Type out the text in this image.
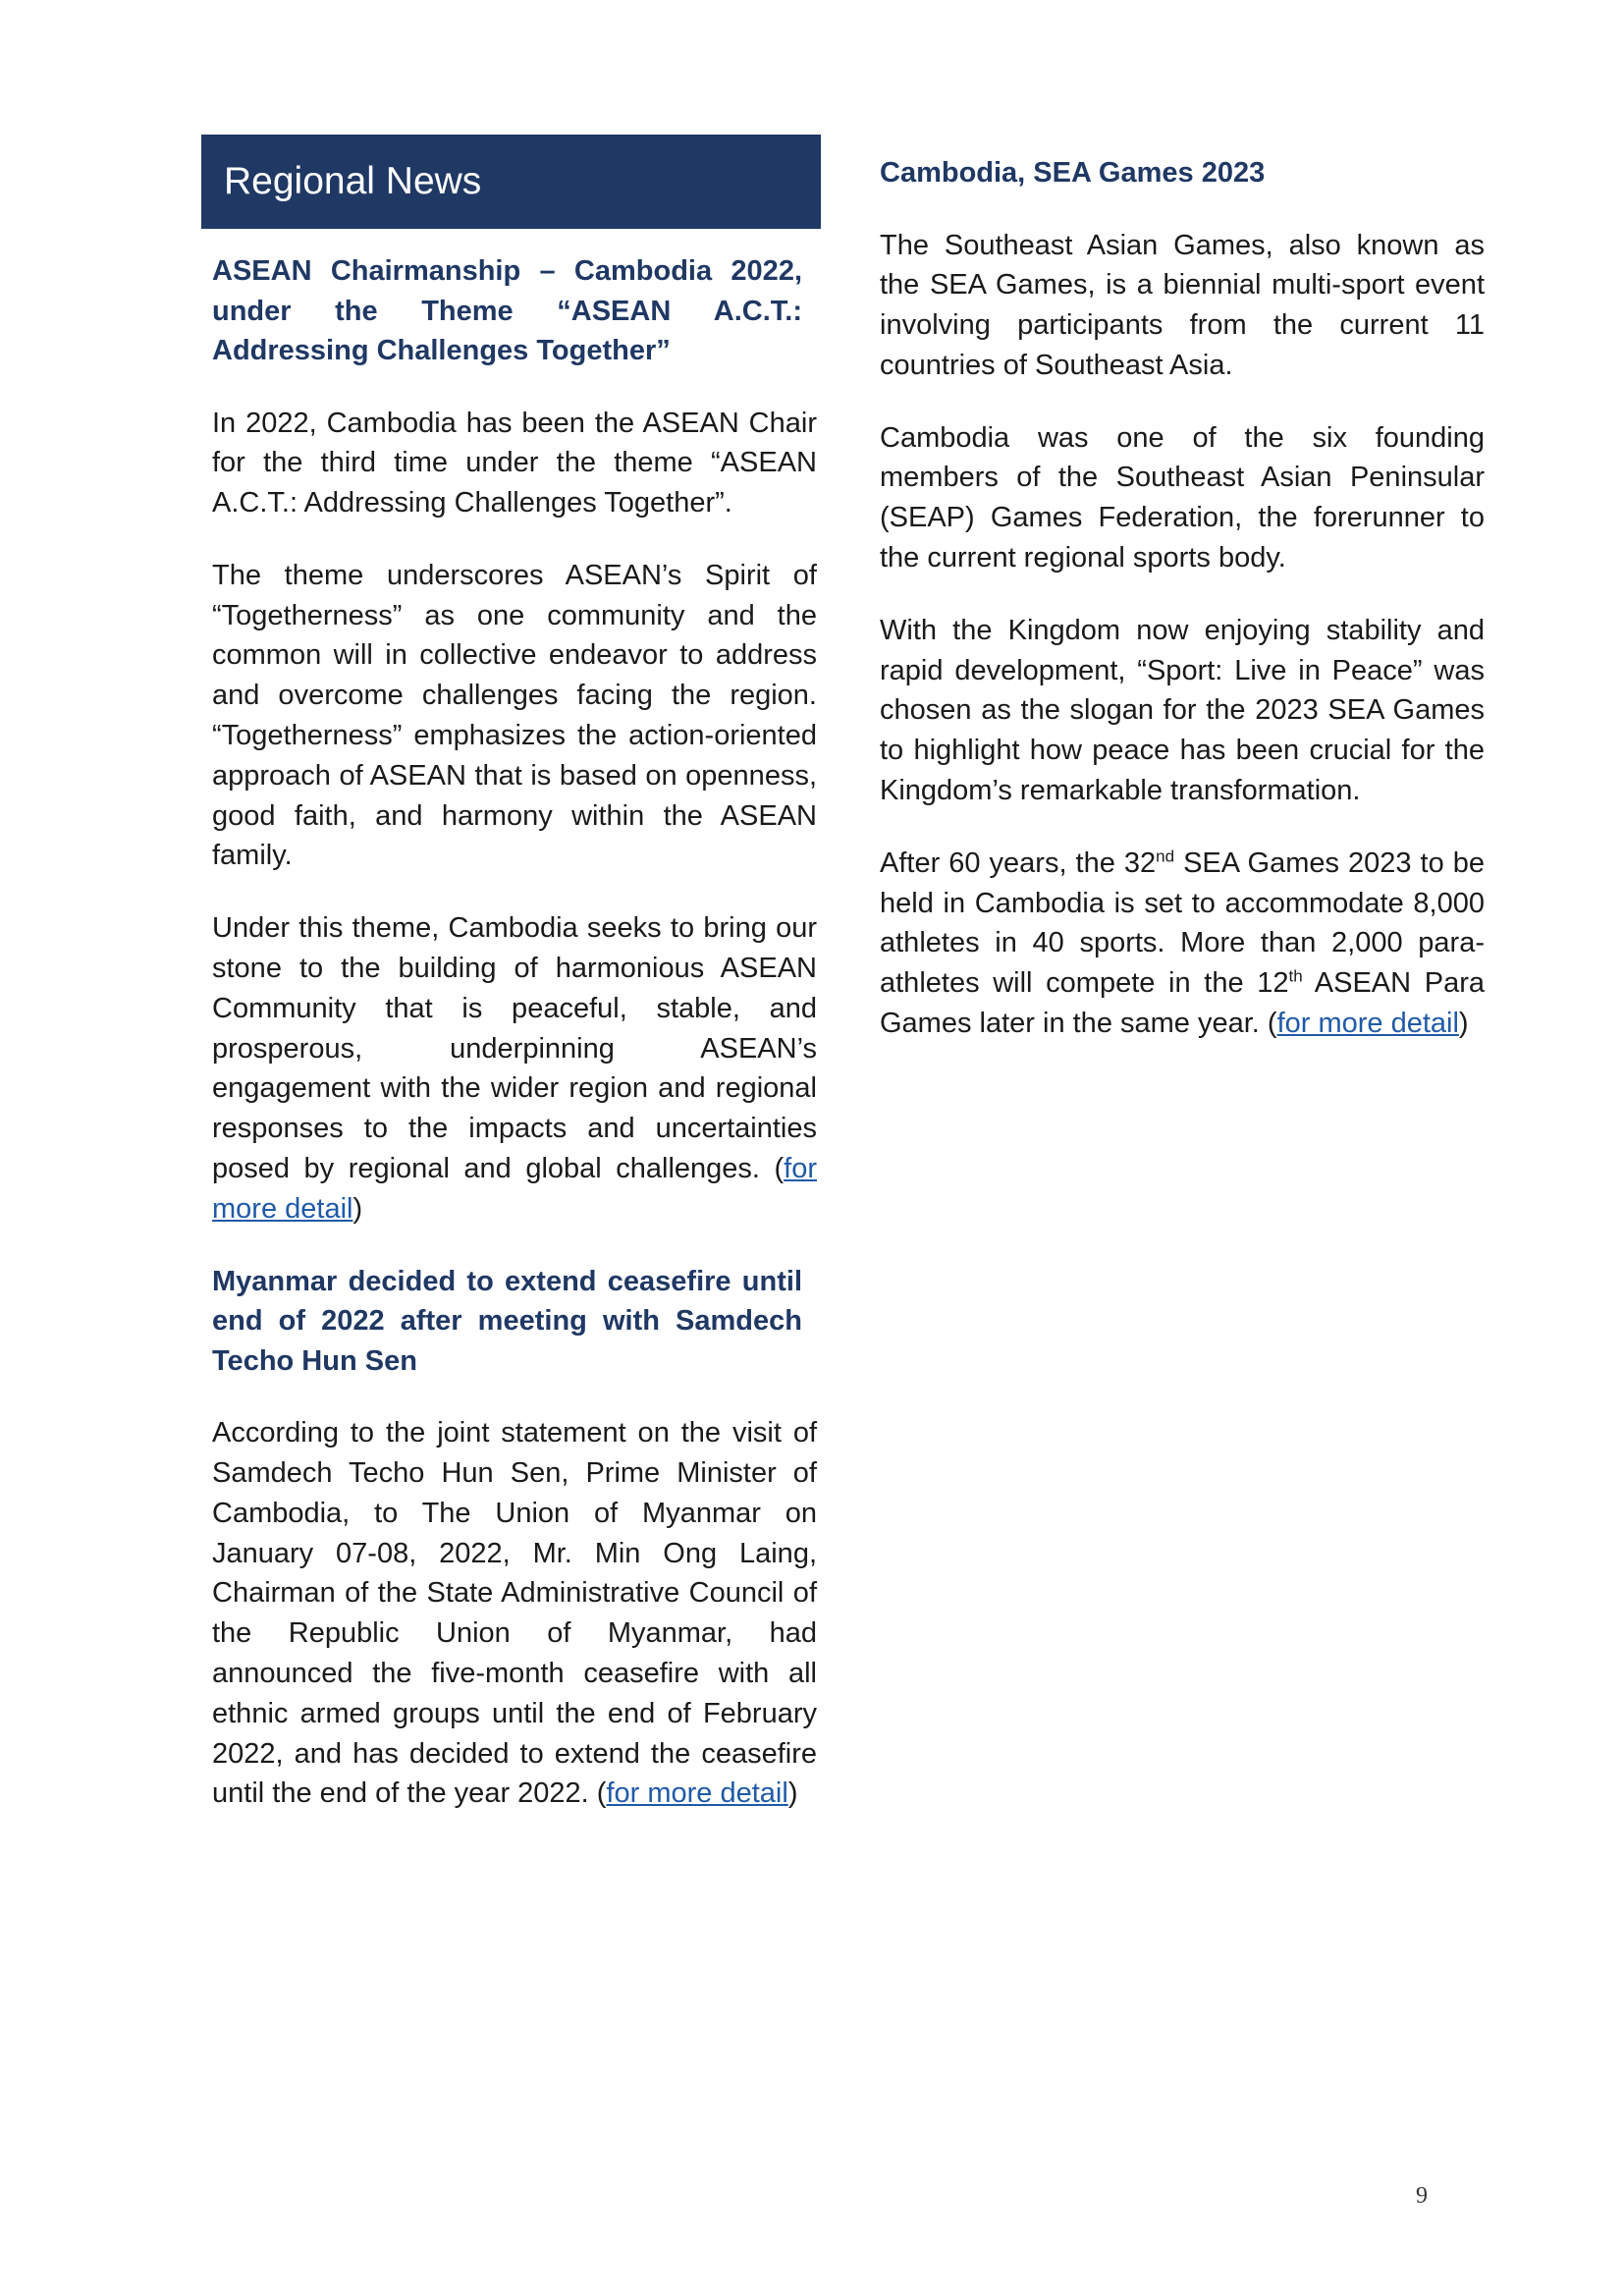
Regional News
ASEAN Chairmanship – Cambodia 2022, under the Theme “ASEAN A.C.T.: Addressing Challenges Together”

In 2022, Cambodia has been the ASEAN Chair for the third time under the theme “ASEAN A.C.T.: Addressing Challenges Together”.

The theme underscores ASEAN’s Spirit of “Togetherness” as one community and the common will in collective endeavor to address and overcome challenges facing the region. “Togetherness” emphasizes the action-oriented approach of ASEAN that is based on openness, good faith, and harmony within the ASEAN family.

Under this theme, Cambodia seeks to bring our stone to the building of harmonious ASEAN Community that is peaceful, stable, and prosperous, underpinning ASEAN’s engagement with the wider region and regional responses to the impacts and uncertainties posed by regional and global challenges. (for more detail)

Myanmar decided to extend ceasefire until end of 2022 after meeting with Samdech Techo Hun Sen

According to the joint statement on the visit of Samdech Techo Hun Sen, Prime Minister of Cambodia, to The Union of Myanmar on January 07-08, 2022, Mr. Min Ong Laing, Chairman of the State Administrative Council of the Republic Union of Myanmar, had announced the five-month ceasefire with all ethnic armed groups until the end of February 2022, and has decided to extend the ceasefire until the end of the year 2022. (for more detail)

Cambodia, SEA Games 2023

The Southeast Asian Games, also known as the SEA Games, is a biennial multi-sport event involving participants from the current 11 countries of Southeast Asia.

Cambodia was one of the six founding members of the Southeast Asian Peninsular (SEAP) Games Federation, the forerunner to the current regional sports body.

With the Kingdom now enjoying stability and rapid development, “Sport: Live in Peace” was chosen as the slogan for the 2023 SEA Games to highlight how peace has been crucial for the Kingdom’s remarkable transformation.

After 60 years, the 32nd SEA Games 2023 to be held in Cambodia is set to accommodate 8,000 athletes in 40 sports. More than 2,000 para-athletes will compete in the 12th ASEAN Para Games later in the same year. (for more detail)

9
